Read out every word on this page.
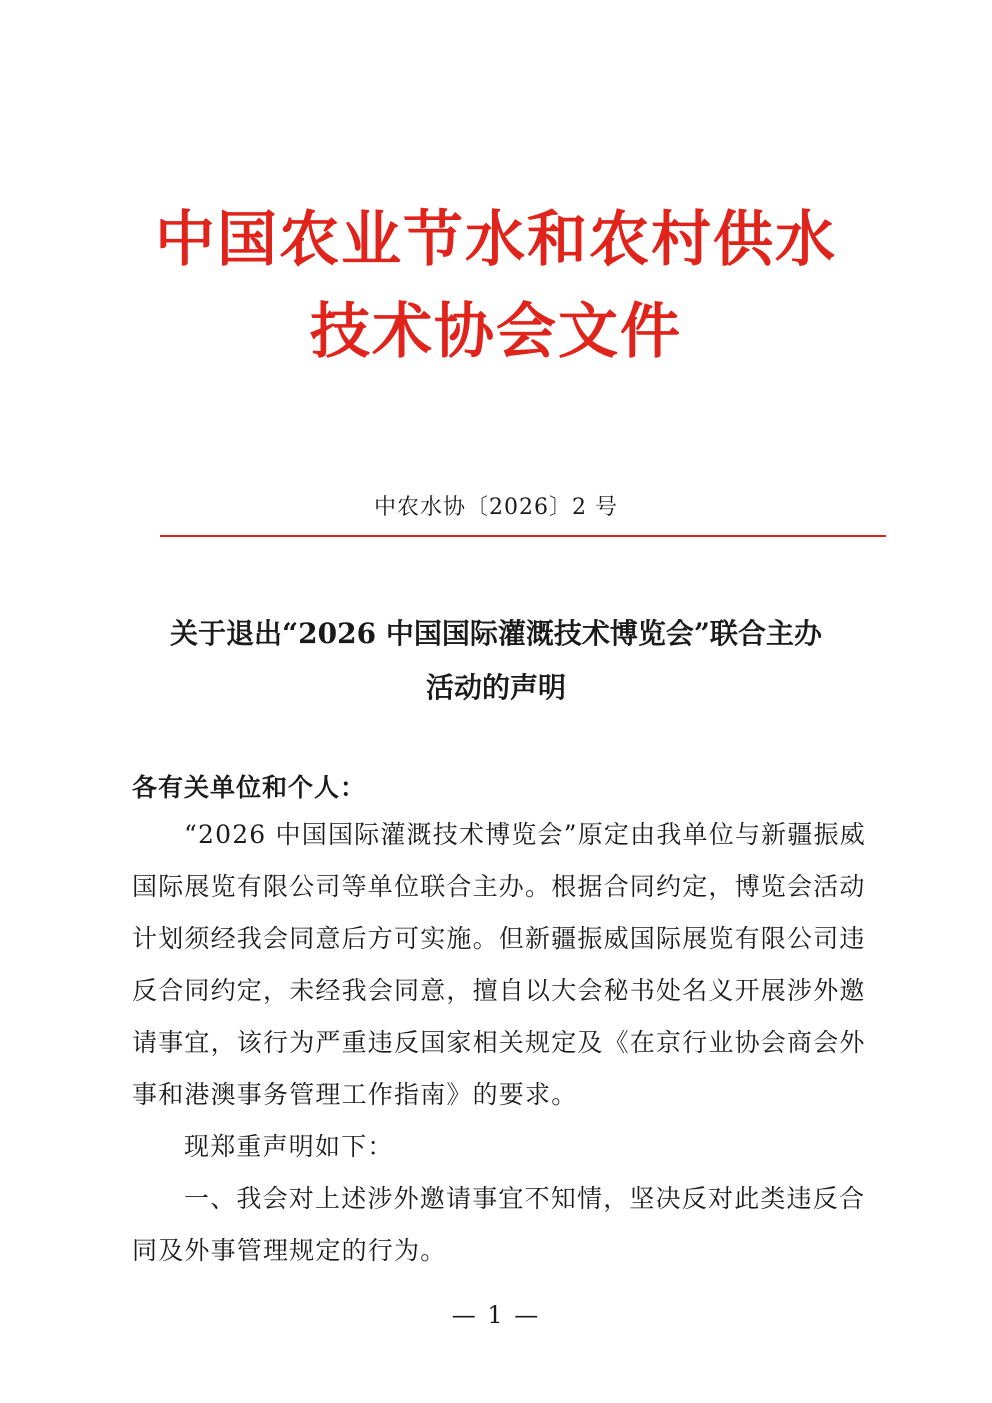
中国农业节水和农村供水
技术协会文件
中农水协〔2026〕2 号
关于退出“2026 中国国际灌溉技术博览会”联合主办
活动的声明
各有关单位和个人：
“2026 中国国际灌溉技术博览会”原定由我单位与新疆振威
国际展览有限公司等单位联合主办。根据合同约定，博览会活动
计划须经我会同意后方可实施。但新疆振威国际展览有限公司违
反合同约定，未经我会同意，擅自以大会秘书处名义开展涉外邀
请事宜，该行为严重违反国家相关规定及《在京行业协会商会外
事和港澳事务管理工作指南》的要求。
现郑重声明如下：
一、我会对上述涉外邀请事宜不知情，坚决反对此类违反合
同及外事管理规定的行为。
— 1 —
